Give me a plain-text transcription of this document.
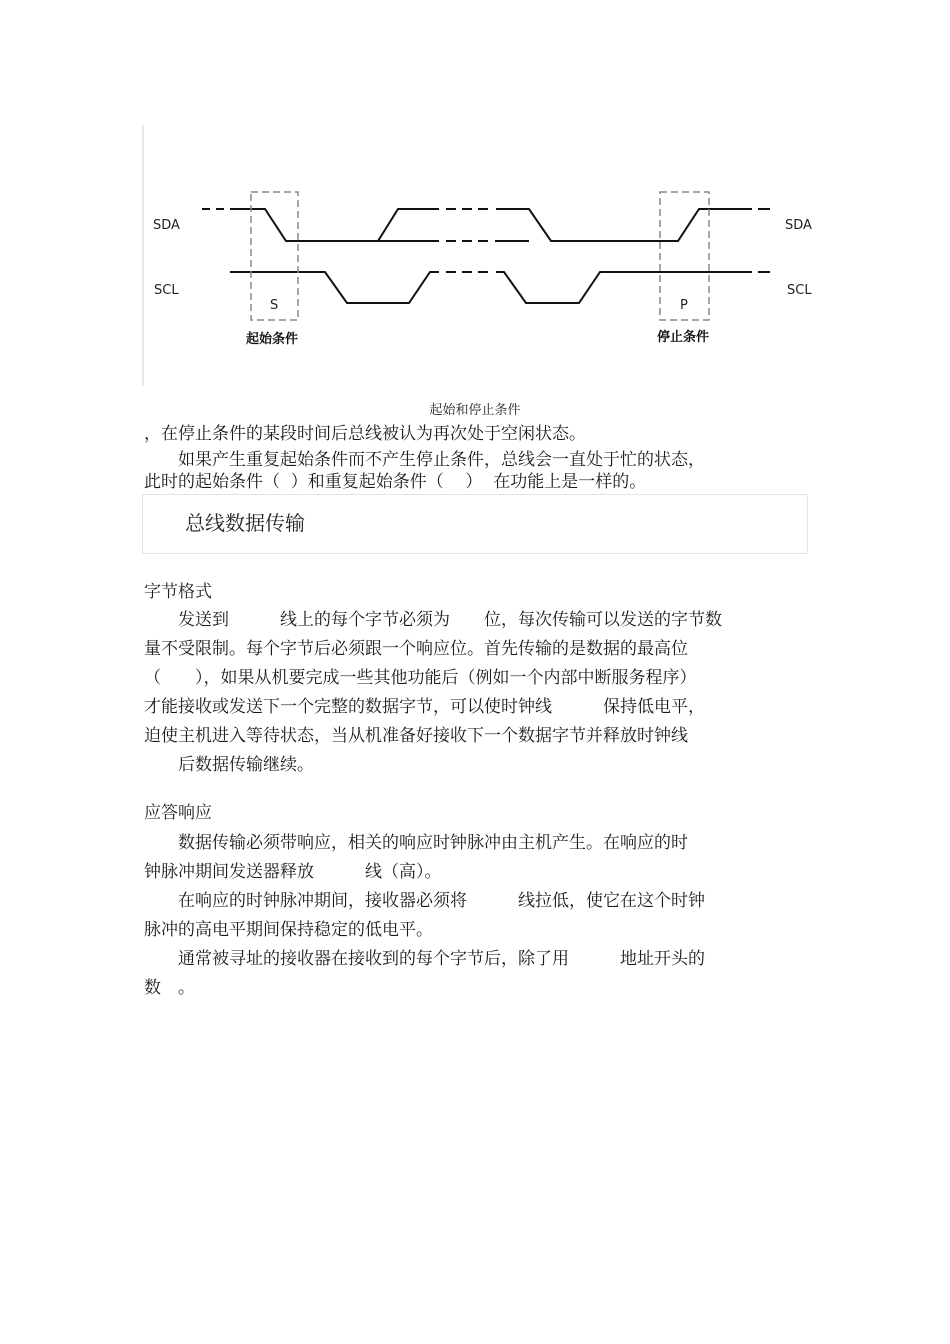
SDA
SCL
SDA
SCL
S	P
起始条件	停止条件
起始和停止条件
，在停止条件的某段时间后总线被认为再次处于空闲状态。
　　如果产生重复起始条件而不产生停止条件，总线会一直处于忙的状态，
此时的起始条件（  ）和重复起始条件（    ）  在功能上是一样的。
总线数据传输
字节格式
　　发送到　　　线上的每个字节必须为　　位，每次传输可以发送的字节数
量不受限制。每个字节后必须跟一个响应位。首先传输的是数据的最高位
（　　），如果从机要完成一些其他功能后（例如一个内部中断服务程序）
才能接收或发送下一个完整的数据字节，可以使时钟线　　　保持低电平，
迫使主机进入等待状态，当从机准备好接收下一个数据字节并释放时钟线
　　后数据传输继续。
应答响应
　　数据传输必须带响应，相关的响应时钟脉冲由主机产生。在响应的时
钟脉冲期间发送器释放　　　线（高）。
　　在响应的时钟脉冲期间，接收器必须将　　　线拉低，使它在这个时钟
脉冲的高电平期间保持稳定的低电平。
　　通常被寻址的接收器在接收到的每个字节后，除了用　　　地址开头的
数　。
